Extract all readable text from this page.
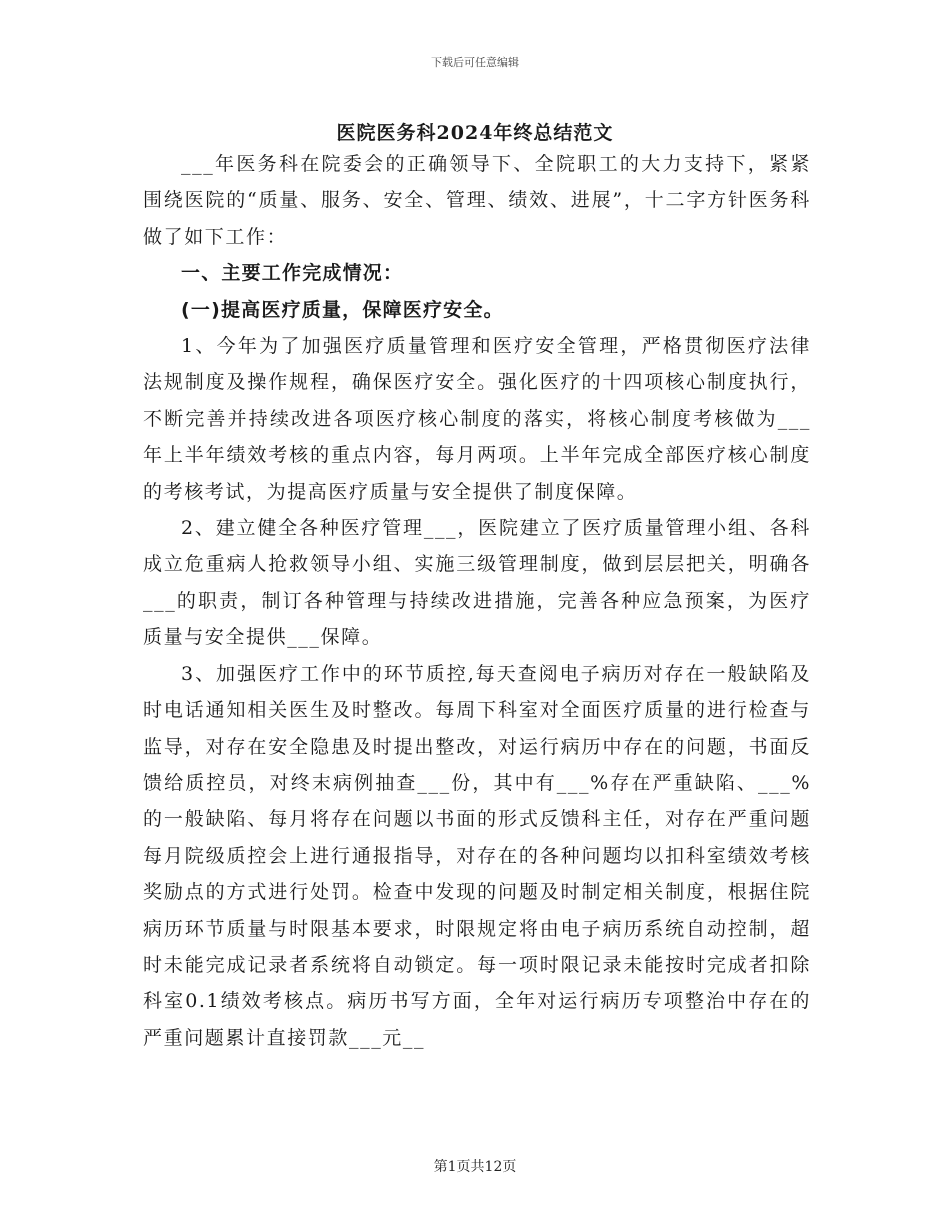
下载后可任意编辑
医院医务科2024年终总结范文

___年医务科在院委会的正确领导下、全院职工的大力支持下，紧紧围绕医院的“质量、服务、安全、管理、绩效、进展”，十二字方针医务科做了如下工作：

一、主要工作完成情况：

(一)提高医疗质量，保障医疗安全。

1、今年为了加强医疗质量管理和医疗安全管理，严格贯彻医疗法律法规制度及操作规程，确保医疗安全。强化医疗的十四项核心制度执行，不断完善并持续改进各项医疗核心制度的落实，将核心制度考核做为___年上半年绩效考核的重点内容，每月两项。上半年完成全部医疗核心制度的考核考试，为提高医疗质量与安全提供了制度保障。

2、建立健全各种医疗管理___，医院建立了医疗质量管理小组、各科成立危重病人抢救领导小组、实施三级管理制度，做到层层把关，明确各___的职责，制订各种管理与持续改进措施，完善各种应急预案，为医疗质量与安全提供___保障。

3、加强医疗工作中的环节质控,每天查阅电子病历对存在一般缺陷及时电话通知相关医生及时整改。每周下科室对全面医疗质量的进行检查与监导，对存在安全隐患及时提出整改，对运行病历中存在的问题，书面反馈给质控员，对终末病例抽查___份，其中有___%存在严重缺陷、___%的一般缺陷、每月将存在问题以书面的形式反馈科主任，对存在严重问题每月院级质控会上进行通报指导，对存在的各种问题均以扣科室绩效考核奖励点的方式进行处罚。检查中发现的问题及时制定相关制度，根据住院病历环节质量与时限基本要求，时限规定将由电子病历系统自动控制，超时未能完成记录者系统将自动锁定。每一项时限记录未能按时完成者扣除科室0.1绩效考核点。病历书写方面，全年对运行病历专项整治中存在的严重问题累计直接罚款___元__

第1页共12页
